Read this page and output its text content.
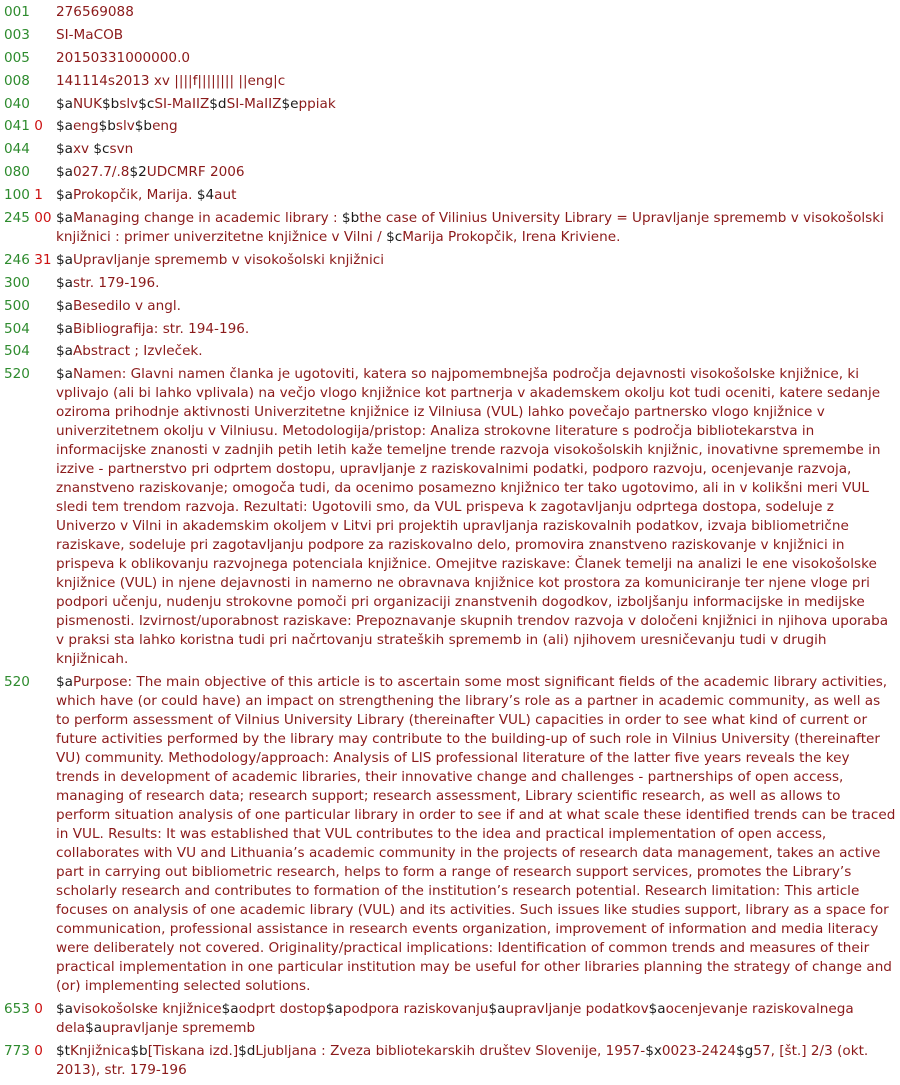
001	276569088
003	SI-MaCOB
005	20150331000000.0
008	141114s2013 xv ||||f|||||||| ||eng|c
040	$aNUK$bslv$cSI-MaIIZ$dSI-MaIIZ$eppiak
041 0 $aeng$bslv$beng
044	$axv $csvn
080	$a027.7/.8$2UDCMRF 2006
100 1 $aProkopčik, Marija. $4aut
245 00 $aManaging change in academic library : $bthe case of Vilinius University Library = Upravljanje sprememb v visokošolski knjižnici : primer univerzitetne knjižnice v Vilni / $cMarija Prokopčik, Irena Kriviene.
246 31 $aUpravljanje sprememb v visokošolski knjižnici
300	$astr. 179-196.
500	$aBesedilo v angl.
504	$aBibliografija: str. 194-196.
504	$aAbstract ; Izvleček.
520	$aNamen: Glavni namen članka je ugotoviti, katera so najpomembnejša področja dejavnosti visokošolske knjižnice, ki vplivajo (ali bi lahko vplivala) na večjo vlogo knjižnice kot partnerja v akademskem okolju kot tudi oceniti, katere sedanje oziroma prihodnje aktivnosti Univerzitetne knjižnice iz Vilniusa (VUL) lahko povečajo partnersko vlogo knjižnice v univerzitetnem okolju v Vilniusu. Metodologija/pristop: Analiza strokovne literature s področja bibliotekarstva in informacijske znanosti v zadnjih petih letih kaže temeljne trende razvoja visokošolskih knjižnic, inovativne spremembe in izzive - partnerstvo pri odprtem dostopu, upravljanje z raziskovalnimi podatki, podporo razvoju, ocenjevanje razvoja, znanstveno raziskovanje; omogoča tudi, da ocenimo posamezno knjižnico ter tako ugotovimo, ali in v kolikšni meri VUL sledi tem trendom razvoja. Rezultati: Ugotovili smo, da VUL prispeva k zagotavljanju odprtega dostopa, sodeluje z Univerzo v Vilni in akademskim okoljem v Litvi pri projektih upravljanja raziskovalnih podatkov, izvaja bibliometrične raziskave, sodeluje pri zagotavljanju podpore za raziskovalno delo, promovira znanstveno raziskovanje v knjižnici in prispeva k oblikovanju razvojnega potenciala knjižnice. Omejitve raziskave: Članek temelji na analizi le ene visokošolske knjižnice (VUL) in njene dejavnosti in namerno ne obravnava knjižnice kot prostora za komuniciranje ter njene vloge pri podpori učenju, nudenju strokovne pomoči pri organizaciji znanstvenih dogodkov, izboljšanju informacijske in medijske pismenosti. Izvirnost/uporabnost raziskave: Prepoznavanje skupnih trendov razvoja v določeni knjižnici in njihova uporaba v praksi sta lahko koristna tudi pri načrtovanju strateških sprememb in (ali) njihovem uresničevanju tudi v drugih knjižnicah.
520	$aPurpose: The main objective of this article is to ascertain some most significant fields of the academic library activities, which have (or could have) an impact on strengthening the library’s role as a partner in academic community, as well as to perform assessment of Vilnius University Library (thereinafter VUL) capacities in order to see what kind of current or future activities performed by the library may contribute to the building-up of such role in Vilnius University (thereinafter VU) community. Methodology/approach: Analysis of LIS professional literature of the latter five years reveals the key trends in development of academic libraries, their innovative change and challenges - partnerships of open access, managing of research data; research support; research assessment, Library scientific research, as well as allows to perform situation analysis of one particular library in order to see if and at what scale these identified trends can be traced in VUL. Results: It was established that VUL contributes to the idea and practical implementation of open access, collaborates with VU and Lithuania’s academic community in the projects of research data management, takes an active part in carrying out bibliometric research, helps to form a range of research support services, promotes the Library’s scholarly research and contributes to formation of the institution’s research potential. Research limitation: This article focuses on analysis of one academic library (VUL) and its activities. Such issues like studies support, library as a space for communication, professional assistance in research events organization, improvement of information and media literacy were deliberately not covered. Originality/practical implications: Identification of common trends and measures of their practical implementation in one particular institution may be useful for other libraries planning the strategy of change and (or) implementing selected solutions.
653 0 $avisokošolske knjižnice$aodprt dostop$apodpora raziskovanju$aupravljanje podatkov$aocenjevanje raziskovalnega dela$aupravljanje sprememb
773 0 $tKnjižnica$b[Tiskana izd.]$dLjubljana : Zveza bibliotekarskih društev Slovenije, 1957-$x0023-2424$g57, [št.] 2/3 (okt. 2013), str. 179-196
